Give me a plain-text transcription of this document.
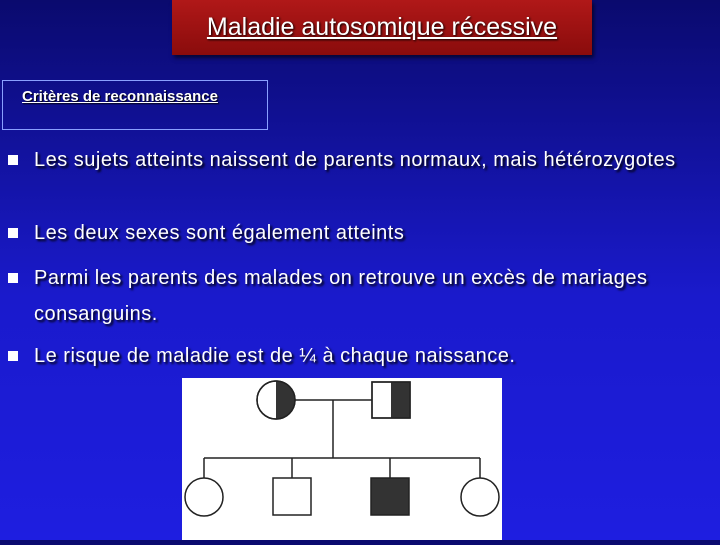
Maladie autosomique récessive
Critères de reconnaissance
Les sujets atteints naissent de parents normaux, mais hétérozygotes
Les deux sexes sont également atteints
Parmi les parents des malades on retrouve un excès de mariages consanguins.
Le risque de maladie est de ¼ à chaque naissance.
